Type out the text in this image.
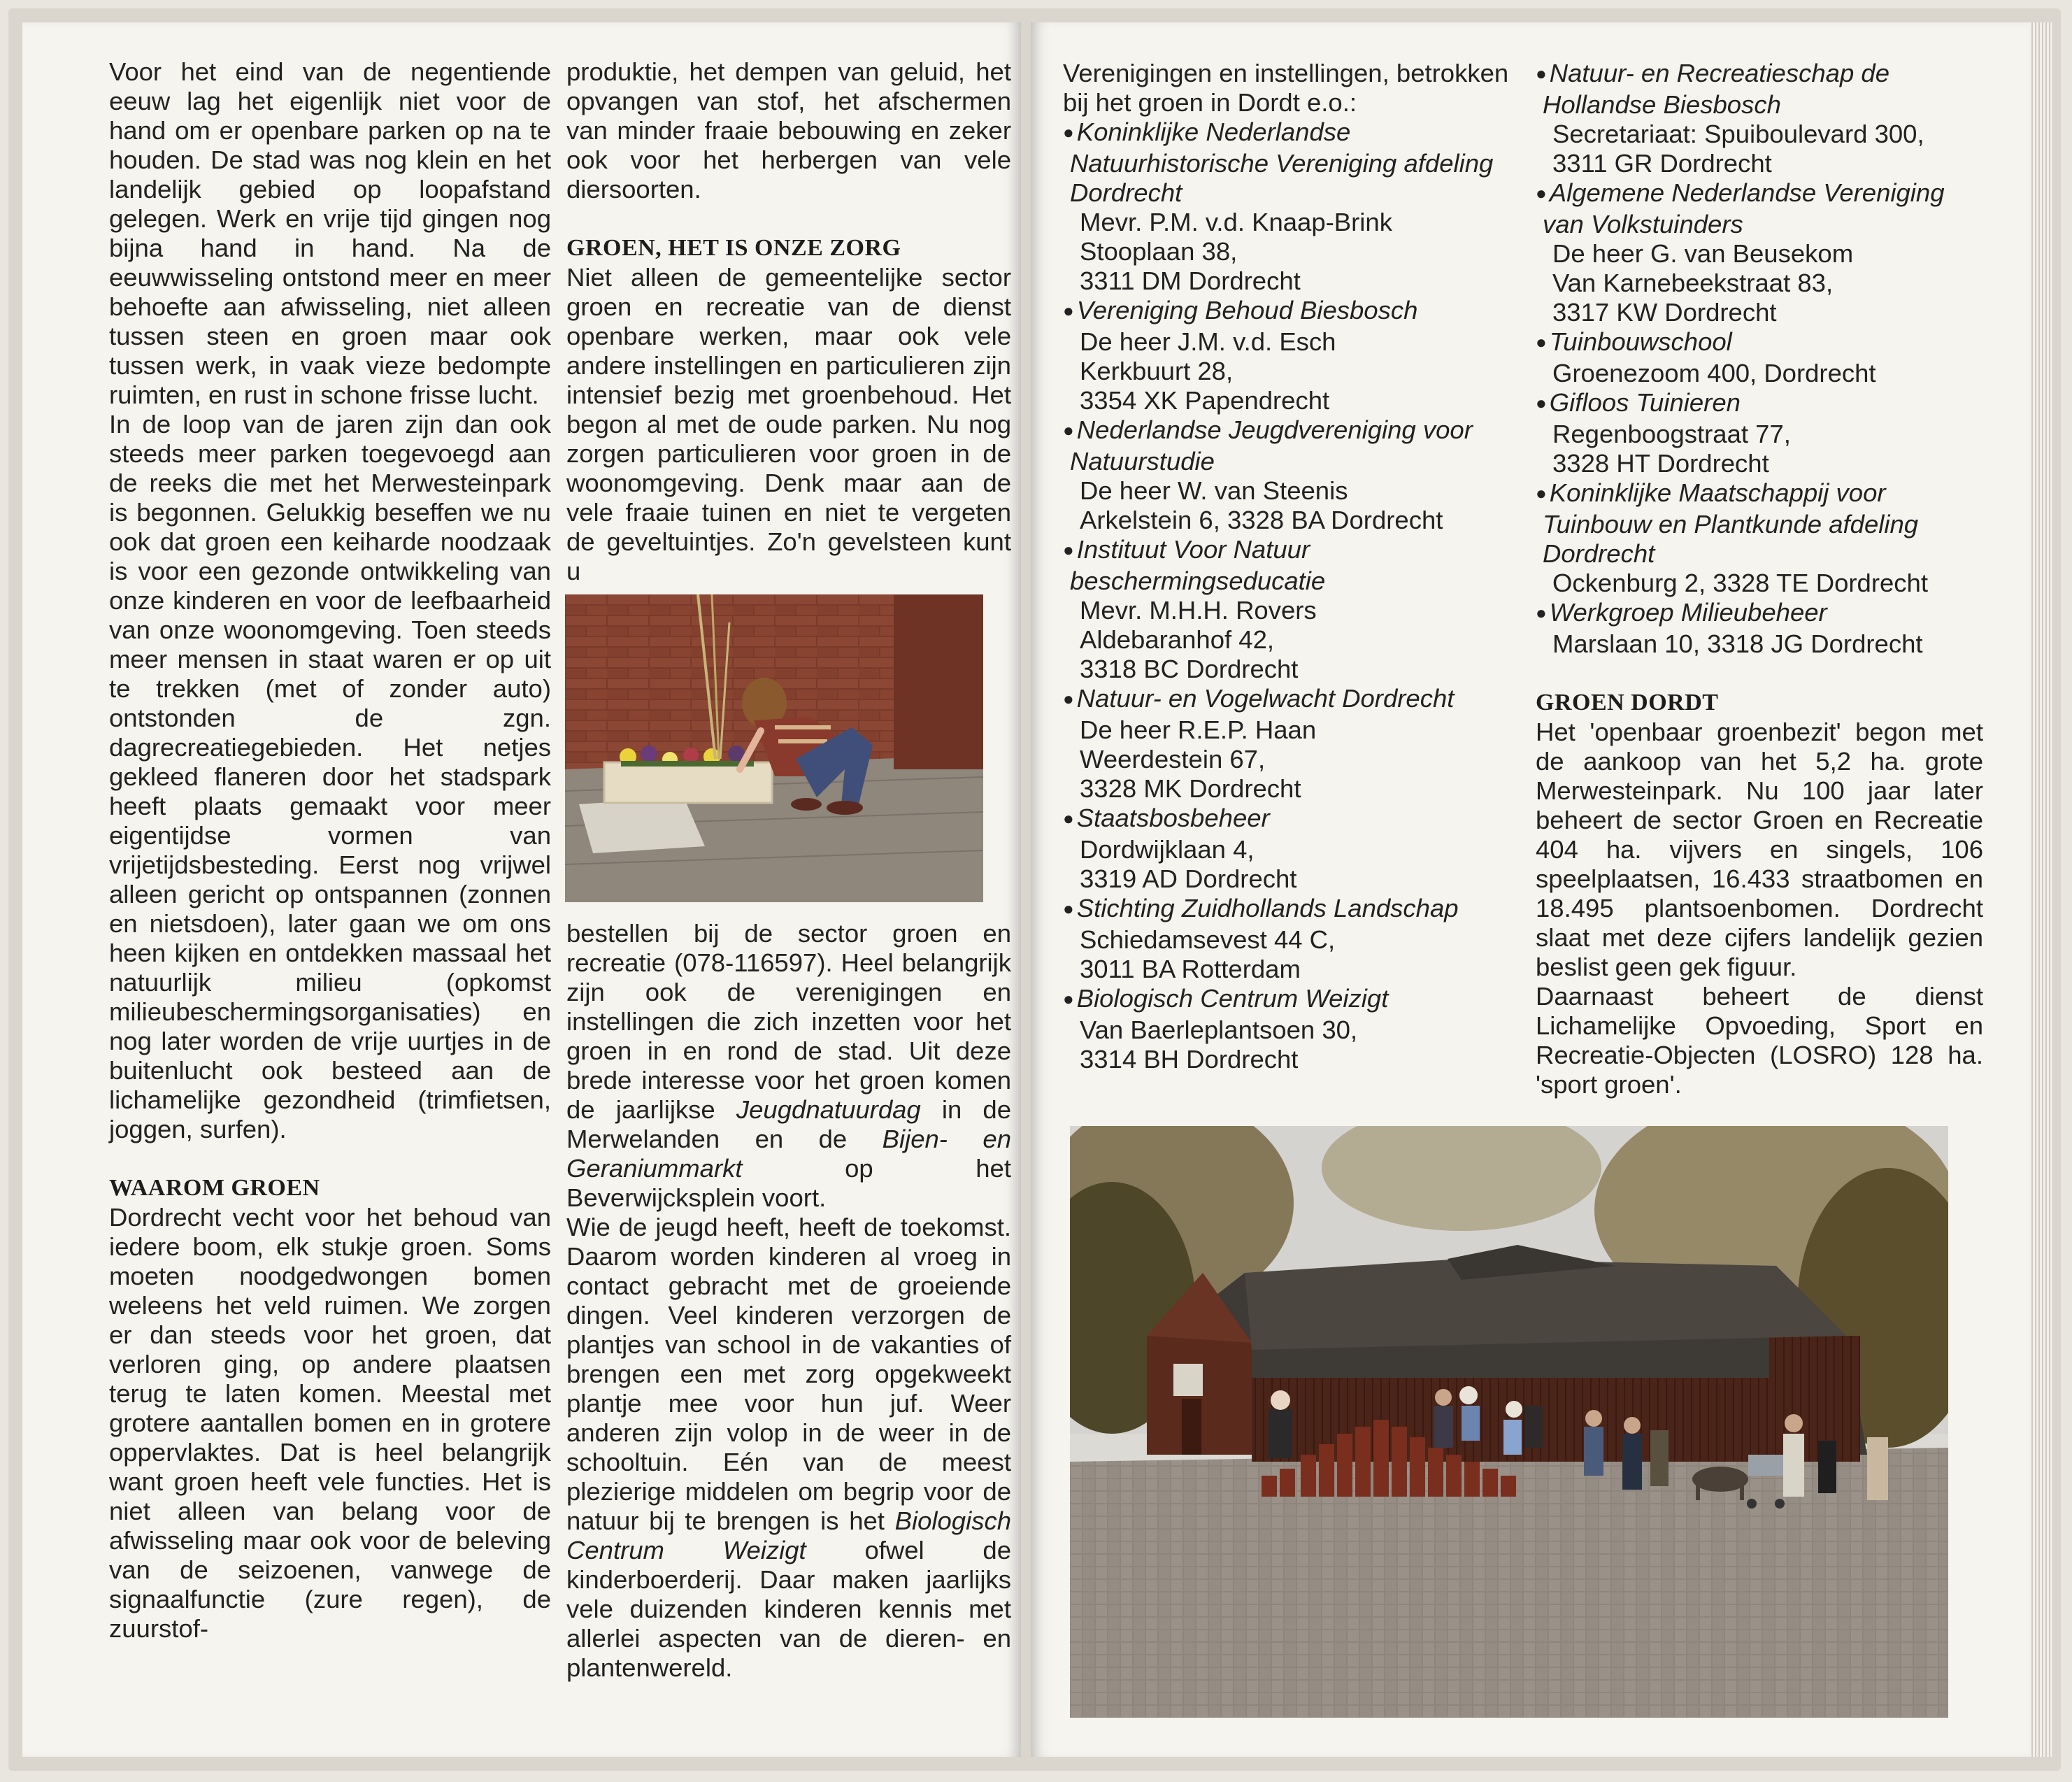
Voor het eind van de negentiende eeuw lag het eigenlijk niet voor de hand om er openbare parken op na te houden. De stad was nog klein en het landelijk gebied op loopafstand gelegen. Werk en vrije tijd gingen nog bijna hand in hand. Na de eeuwwisseling ontstond meer en meer behoefte aan afwisseling, niet alleen tussen steen en groen maar ook tussen werk, in vaak vieze bedompte ruimten, en rust in schone frisse lucht.

In de loop van de jaren zijn dan ook steeds meer parken toegevoegd aan de reeks die met het Merwesteinpark is begonnen. Gelukkig beseffen we nu ook dat groen een keiharde noodzaak is voor een gezonde ontwikkeling van onze kinderen en voor de leefbaarheid van onze woonomgeving. Toen steeds meer mensen in staat waren er op uit te trekken (met of zonder auto) ontstonden de zgn. dagrecreatiegebieden. Het netjes gekleed flaneren door het stadspark heeft plaats gemaakt voor meer eigentijdse vormen van vrijetijdsbesteding. Eerst nog vrijwel alleen gericht op ontspannen (zonnen en nietsdoen), later gaan we om ons heen kijken en ontdekken massaal het natuurlijk milieu (opkomst milieubeschermingsorganisaties) en nog later worden de vrije uurtjes in de buitenlucht ook besteed aan de lichamelijke gezondheid (trimfietsen, joggen, surfen).

WAAROM GROEN

Dordrecht vecht voor het behoud van iedere boom, elk stukje groen. Soms moeten noodgedwongen bomen weleens het veld ruimen. We zorgen er dan steeds voor het groen, dat verloren ging, op andere plaatsen terug te laten komen. Meestal met grotere aantallen bomen en in grotere oppervlaktes. Dat is heel belangrijk want groen heeft vele functies. Het is niet alleen van belang voor de afwisseling maar ook voor de beleving van de seizoenen, vanwege de signaalfunctie (zure regen), de zuurstof-

produktie, het dempen van geluid, het opvangen van stof, het afschermen van minder fraaie bebouwing en zeker ook voor het herbergen van vele diersoorten.

GROEN, HET IS ONZE ZORG

Niet alleen de gemeentelijke sector groen en recreatie van de dienst openbare werken, maar ook vele andere instellingen en particulieren zijn intensief bezig met groenbehoud. Het begon al met de oude parken. Nu nog zorgen particulieren voor groen in de woonomgeving. Denk maar aan de vele fraaie tuinen en niet te vergeten de geveltuintjes. Zo'n gevelsteen kunt u

bestellen bij de sector groen en recreatie (078-116597). Heel belangrijk zijn ook de verenigingen en instellingen die zich inzetten voor het groen in en rond de stad. Uit deze brede interesse voor het groen komen de jaarlijkse Jeugdnatuurdag in de Merwelanden en de Bijen- en Geraniummarkt op het Beverwijcksplein voort.

Wie de jeugd heeft, heeft de toekomst. Daarom worden kinderen al vroeg in contact gebracht met de groeiende dingen. Veel kinderen verzorgen de plantjes van school in de vakanties of brengen een met zorg opgekweekt plantje mee voor hun juf. Weer anderen zijn volop in de weer in de schooltuin. Eén van de meest plezierige middelen om begrip voor de natuur bij te brengen is het Biologisch Centrum Weizigt ofwel de kinderboerderij. Daar maken jaarlijks vele duizenden kinderen kennis met allerlei aspecten van de dieren- en plantenwereld.

Verenigingen en instellingen, betrokken bij het groen in Dordt e.o.:

● Koninklijke Nederlandse Natuurhistorische Vereniging afdeling Dordrecht
Mevr. P.M. v.d. Knaap-Brink
Stooplaan 38,
3311 DM Dordrecht
● Vereniging Behoud Biesbosch
De heer J.M. v.d. Esch
Kerkbuurt 28,
3354 XK Papendrecht
● Nederlandse Jeugdvereniging voor Natuurstudie
De heer W. van Steenis
Arkelstein 6, 3328 BA Dordrecht
● Instituut Voor Natuur beschermingseducatie
Mevr. M.H.H. Rovers
Aldebaranhof 42,
3318 BC Dordrecht
● Natuur- en Vogelwacht Dordrecht
De heer R.E.P. Haan
Weerdestein 67,
3328 MK Dordrecht
● Staatsbosbeheer
Dordwijklaan 4,
3319 AD Dordrecht
● Stichting Zuidhollands Landschap
Schiedamsevest 44 C,
3011 BA Rotterdam
● Biologisch Centrum Weizigt
Van Baerleplantsoen 30,
3314 BH Dordrecht
● Natuur- en Recreatieschap de Hollandse Biesbosch
Secretariaat: Spuiboulevard 300,
3311 GR Dordrecht
● Algemene Nederlandse Vereniging van Volkstuinders
De heer G. van Beusekom
Van Karnebeekstraat 83,
3317 KW Dordrecht
● Tuinbouwschool
Groenezoom 400, Dordrecht
● Gifloos Tuinieren
Regenboogstraat 77,
3328 HT Dordrecht
● Koninklijke Maatschappij voor Tuinbouw en Plantkunde afdeling Dordrecht
Ockenburg 2, 3328 TE Dordrecht
● Werkgroep Milieubeheer
Marslaan 10, 3318 JG Dordrecht
GROEN DORDT

Het 'openbaar groenbezit' begon met de aankoop van het 5,2 ha. grote Merwesteinpark. Nu 100 jaar later beheert de sector Groen en Recreatie 404 ha. vijvers en singels, 106 speelplaatsen, 16.433 straatbomen en 18.495 plantsoenbomen. Dordrecht slaat met deze cijfers landelijk gezien beslist geen gek figuur.

Daarnaast beheert de dienst Lichamelijke Opvoeding, Sport en Recreatie-Objecten (LOSRO) 128 ha. 'sport groen'.
